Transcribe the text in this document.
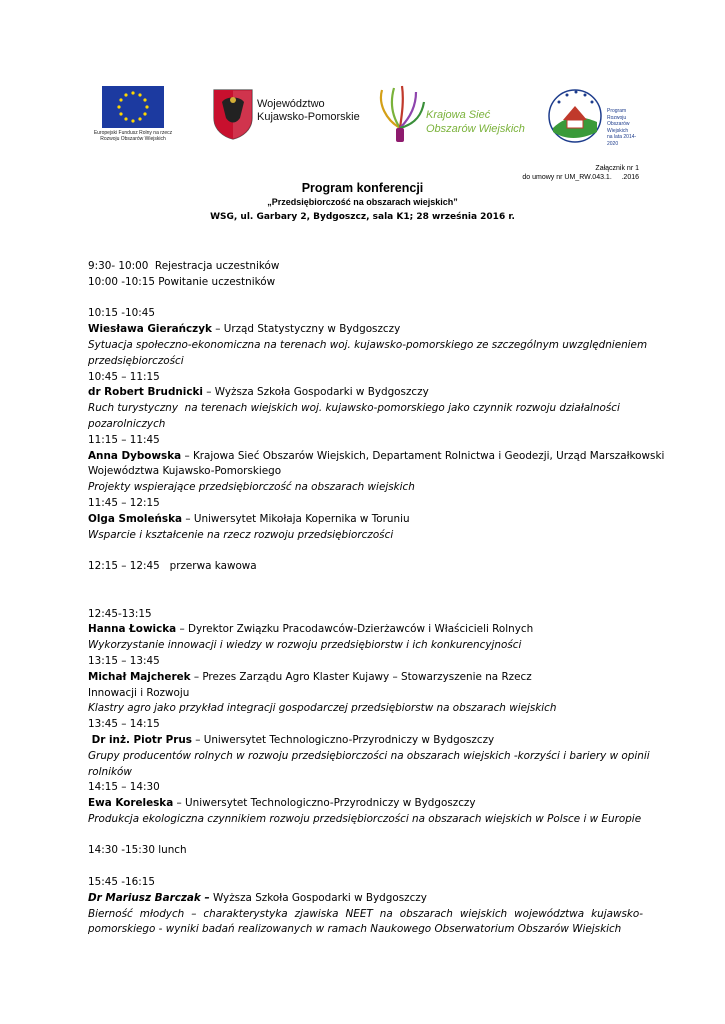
Europejski Fundusz Rolny na rzecz
Rozwoju Obszarów Wiejskich
Województwo
Kujawsko-Pomorskie	Krajowa Sieć
Obszarów Wiejskich
Program
Rozwoju
Obszarów
Wiejskich
na lata 2014-2020
Załącznik nr 1
do umowy nr UM_RW.043.1.     .2016
Program konferencji
„Przedsiębiorczość na obszarach wiejskich”
WSG, ul. Garbary 2, Bydgoszcz, sala K1; 28 września 2016 r.
9:30- 10:00  Rejestracja uczestników
10:00 -10:15 Powitanie uczestników
10:15 -10:45
Wiesława Gierańczyk – Urząd Statystyczny w Bydgoszczy
Sytuacja społeczno-ekonomiczna na terenach woj. kujawsko-pomorskiego ze szczególnym uwzględnieniem
przedsiębiorczości
10:45 – 11:15
dr Robert Brudnicki – Wyższa Szkoła Gospodarki w Bydgoszczy
Ruch turystyczny  na terenach wiejskich woj. kujawsko-pomorskiego jako czynnik rozwoju działalności
pozarolniczych
11:15 – 11:45
Anna Dybowska – Krajowa Sieć Obszarów Wiejskich, Departament Rolnictwa i Geodezji, Urząd Marszałkowski
Województwa Kujawsko-Pomorskiego
Projekty wspierające przedsiębiorczość na obszarach wiejskich
11:45 – 12:15
Olga Smoleńska – Uniwersytet Mikołaja Kopernika w Toruniu
Wsparcie i kształcenie na rzecz rozwoju przedsiębiorczości
12:15 – 12:45   przerwa kawowa
12:45-13:15
Hanna Łowicka – Dyrektor Związku Pracodawców-Dzierżawców i Właścicieli Rolnych
Wykorzystanie innowacji i wiedzy w rozwoju przedsiębiorstw i ich konkurencyjności
13:15 – 13:45
Michał Majcherek – Prezes Zarządu Agro Klaster Kujawy – Stowarzyszenie na Rzecz
Innowacji i Rozwoju
Klastry agro jako przykład integracji gospodarczej przedsiębiorstw na obszarach wiejskich
13:45 – 14:15
Dr inż. Piotr Prus – Uniwersytet Technologiczno-Przyrodniczy w Bydgoszczy
Grupy producentów rolnych w rozwoju przedsiębiorczości na obszarach wiejskich -korzyści i bariery w opinii
rolników
14:15 – 14:30
Ewa Koreleska – Uniwersytet Technologiczno-Przyrodniczy w Bydgoszczy
Produkcja ekologiczna czynnikiem rozwoju przedsiębiorczości na obszarach wiejskich w Polsce i w Europie
14:30 -15:30 lunch
15:45 -16:15
Dr Mariusz Barczak – Wyższa Szkoła Gospodarki w Bydgoszczy
Bierność młodych – charakterystyka zjawiska NEET na obszarach wiejskich województwa kujawsko-
pomorskiego - wyniki badań realizowanych w ramach Naukowego Obserwatorium Obszarów Wiejskich
